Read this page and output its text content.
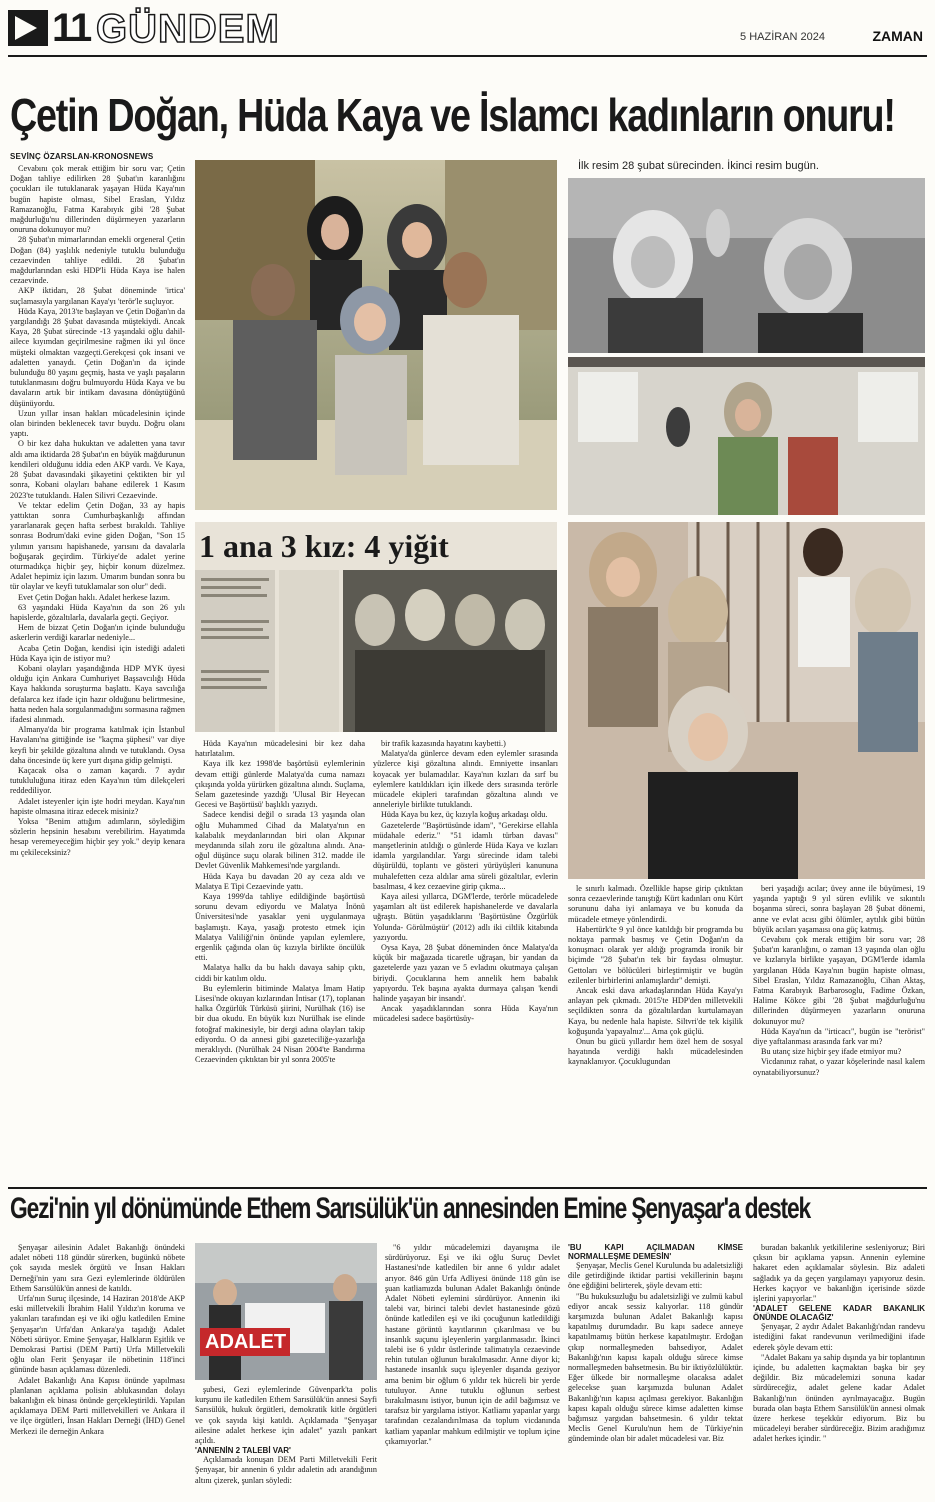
11 GÜNDEM	5 HAZİRAN 2024	ZAMAN
Çetin Doğan, Hüda Kaya ve İslamcı kadınların onuru!
SEVİNÇ ÖZARSLAN-KRONOSNEWS

Cevabını çok merak ettiğim bir soru var; Çetin Doğan tahliye edilirken 28 Şubat'ın karanlığını çocukları ile tutuklanarak yaşayan Hüda Kaya'nın bugün hapiste olması, Sibel Eraslan, Yıldız Ramazanoğlu, Fatma Karabıyık gibi '28 Şubat mağdurluğu'nu dillerinden düşürmeyen yazarların onuruna dokunuyor mu?

28 Şubat'ın mimarlarından emekli orgeneral Çetin Doğan (84) yaşlılık nedeniyle tutuklu bulunduğu cezaevinden tahliye edildi. 28 Şubat'ın mağdurlarından eski HDP'li Hüda Kaya ise halen cezaevinde.

AKP iktidarı, 28 Şubat döneminde 'irtica' suçlamasıyla yargılanan Kaya'yı 'terör'le suçluyor.

Hüda Kaya, 2013'te başlayan ve Çetin Doğan'ın da yargılandığı 28 Şubat davasında müştekiydi. Ancak Kaya, 28 Şubat sürecinde -13 yaşındaki oğlu dahil- ailece kıyımdan geçirilmesine rağmen iki yıl önce müşteki olmaktan vazgeçti.Gerekçesi çok insani ve adaletten yanaydı. Çetin Doğan'ın da içinde bulunduğu 80 yaşını geçmiş, hasta ve yaşlı paşaların tutuklanmasını doğru bulmuyordu Hüda Kaya ve bu davaların artık bir intikam davasına dönüştüğünü düşünüyordu.

Uzun yıllar insan hakları mücadelesinin içinde olan birinden beklenecek tavır buydu. Doğru olanı yaptı.

O bir kez daha hukuktan ve adaletten yana tavır aldı ama iktidarda 28 Şubat'ın en büyük mağdurunun kendileri olduğunu iddia eden AKP vardı. Ve Kaya, 28 Şubat davasındaki şikayetini çektikten bir yıl sonra, Kobani olayları bahane edilerek 1 Kasım 2023'te tutuklandı. Halen Silivri Cezaevinde.

Ve tektar edelim Çetin Doğan, 33 ay hapis yattıktan sonra Cumhurbaşkanlığı affından yararlanarak geçen hafta serbest bırakıldı. Tahliye sonrası Bodrum'daki evine giden Doğan, "Son 15 yılımın yarısını hapishanede, yarısını da davalarla boğuşarak geçirdim. Türkiye'de adalet yerine oturmadıkça hiçbir şey, hiçbir konum düzelmez. Adalet hepimiz için lazım. Umarım bundan sonra bu tür olaylar ve keyfi tutuklamalar son olur" dedi.

Evet Çetin Doğan haklı. Adalet herkese lazım.

63 yaşındaki Hüda Kaya'nın da son 26 yılı hapislerde, gözaltılarla, davalarla geçti. Geçiyor.

Hem de bizzat Çetin Doğan'ın içinde bulunduğu askerlerin verdiği kararlar nedeniyle...

Acaba Çetin Doğan, kendisi için istediği adaleti Hüda Kaya için de istiyor mu?

Kobani olayları yaşandığında HDP MYK üyesi olduğu için Ankara Cumhuriyet Başsavcılığı Hüda Kaya hakkında soruşturma başlattı. Kaya savcılığa defalarca kez ifade için hazır olduğunu belirtmesine, hatta neden hala sorgulanmadığını sormasına rağmen ifadesi alınmadı.

Almanya'da bir programa katılmak için İstanbul Havalanı'na gittiğinde ise "kaçma şüphesi" var diye keyfi bir şekilde gözaltına alındı ve tutuklandı. Oysa daha öncesinde üç kere yurt dışına gidip gelmişti.

Kaçacak olsa o zaman kaçardı. 7 aydır tutukluluğuna itiraz eden Kaya'nın tüm dilekçeleri reddediliyor.

Adalet isteyenler için işte hodri meydan. Kaya'nın hapiste olmasına itiraz edecek misiniz?

Yoksa "Benim attığım adımların, söylediğim sözlerin hepsinin hesabını verebilirim. Hayatımda hesap veremeyeceğim hiçbir şey yok." deyip kenara mı çekileceksiniz?

İlk resim 28 şubat sürecinden. İkinci resim bugün.
1 ana 3 kız: 4 yiğit

Hüda Kaya'nın mücadelesini bir kez daha hatırlatalım.

Kaya ilk kez 1998'de başörtüsü eylemlerinin devam ettiği günlerde Malatya'da cuma namazı çıkışında yolda yürürken gözaltına alındı. Suçlama, Selam gazetesinde yazdığı 'Ulusal Bir Heyecan Gecesi ve Başörtüsü' başlıklı yazıydı.

Sadece kendisi değil o sırada 13 yaşında olan oğlu Muhammed Cihad da Malatya'nın en kalabalık meydanlarından biri olan Akpınar meydanında silah zoru ile gözaltına alındı. Ana-oğul düşünce suçu olarak bilinen 312. madde ile Devlet Güvenlik Mahkemesi'nde yargılandı.

Hüda Kaya bu davadan 20 ay ceza aldı ve Malatya E Tipi Cezaevinde yattı.

Kaya 1999'da tahliye edildiğinde başörtüsü sorunu devam ediyordu ve Malatya İnönü Üniversitesi'nde yasaklar yeni uygulanmaya başlamıştı. Kaya, yasağı protesto etmek için Malatya Valiliği'nin önünde yapılan eylemlere, ergenlik çağında olan üç kızıyla birlikte öncülük etti.

Malatya halkı da bu haklı davaya sahip çıktı, ciddi bir katılım oldu.

Bu eylemlerin bitiminde Malatya İmam Hatip Lisesi'nde okuyan kızlarından İntisar (17), toplanan halka Özgürlük Türküsü şiirini, Nurülhak (16) ise bir dua okudu. En büyük kızı Nurülhak ise elinde fotoğraf makinesiyle, bir dergi adına olayları takip ediyordu. O da annesi gibi gazeteciliğe-yazarlığa meraklıydı. (Nurülhak 24 Nisan 2004'te Bandırma Cezaevinden çıktıktan bir yıl sonra 2005'te

bir trafik kazasında hayatını kaybetti.)

Malatya'da günlerce devam eden eylemler sırasında yüzlerce kişi gözaltına alındı. Emniyette insanları koyacak yer bulamadılar. Kaya'nın kızları da sırf bu eylemlere katıldıkları için ilkede ders sırasında terörle mücadele ekipleri tarafından gözaltına alındı ve anneleriyle birlikte tutuklandı.

Hüda Kaya bu kez, üç kızıyla koğuş arkadaşı oldu.

Gazetelerde "Başörtüsünde idam", "Gerekirse ellahla müdahale ederiz." "51 idamlı türban davası" manşetlerinin atıldığı o günlerde Hüda Kaya ve kızları idamla yargılandılar. Yargı sürecinde idam talebi düşürüldü, toplantı ve gösteri yürüyüşleri kanununa muhalefetten ceza aldılar ama süreli gözaltılar, evlerin basılması, 4 kez cezaevine girip çıkma...

Kaya ailesi yıllarca, DGM'lerde, terörle mücadelede yaşamları alt üst edilerek hapishanelerde ve davalarla uğraştı. Bütün yaşadıklarını 'Başörtüsüne Özgürlük Yolunda- Görülmüştür' (2012) adlı iki ciltlik kitabında yazıyordu.

Oysa Kaya, 28 Şubat döneminden önce Malatya'da küçük bir mağazada ticaretle uğraşan, bir yandan da gazetelerde yazı yazan ve 5 evladını okutmaya çalışan biriydi. Çocuklarına hem annelik hem babalık yapıyordu. Tek başına ayakta durmaya çalışan 'kendi halinde yaşayan bir insandı'.

Ancak yaşadıklarından sonra Hüda Kaya'nın mücadelesi sadece başörtüsüy-

le sınırlı kalmadı. Özellikle hapse girip çıktıktan sonra cezaevlerinde tanıştığı Kürt kadınları onu Kürt sorununu daha iyi anlamaya ve bu konuda da mücadele etmeye yönlendirdi.

Habertürk'te 9 yıl önce katıldığı bir programda bu noktaya parmak basmış ve Çetin Doğan'ın da konuşmacı olarak yer aldığı programda ironik bir biçimde "28 Şubat'ın tek bir faydası olmuştur. Gettoları ve bölücüleri birleştirmiştir ve bugün ezilenler birbirlerini anlamışlardır" demişti.

Ancak eski dava arkadaşlarından Hüda Kaya'yı anlayan pek çıkmadı. 2015'te HDP'den milletvekili seçildikten sonra da gözaltılardan kurtulamayan Kaya, bu nedenle hala hapiste. Siltvri'de tek kişilik koğuşunda 'yapayalnız'... Ama çok güçlü.

Onun bu gücü yıllardır hem özel hem de sosyal hayatında verdiği haklı mücadelesinden kaynaklanıyor. Çocuklugundan

beri yaşadığı acılar; üvey anne ile büyümesi, 19 yaşında yaptığı 9 yıl süren evlilik ve sıkıntılı boşanma süreci, sonra başlayan 28 Şubat dönemi, anne ve evlat acısı gibi ölümler, aytılık gibi bütün büyük acıları yaşamaısı ona güç katmış.

Cevabını çok merak ettiğim bir soru var; 28 Şubat'ın karanlığını, o zaman 13 yaşında olan oğlu ve kızlarıyla birlikte yaşayan, DGM'lerde idamla yargılanan Hüda Kaya'nın bugün hapiste olması, Sibel Eraslan, Yıldız Ramazanoğlu, Cihan Aktaş, Fatma Karabıyık Barbarosoglu, Fadime Özkan, Halime Kökce gibi '28 Şubat mağdurluğu'nu dillerinden düşürmeyen yazarların onuruna dokunuyor mu?

Hüda Kaya'nın da "irticacı", bugün ise "terörist" diye yaftalanması arasında fark var mı?

Bu utanç size hiçbir şey ifade etmiyor mu?

Vicdanınız rahat, o yazar köşelerinde nasıl kalem oynatabiliyorsunuz?

Gezi'nin yıl dönümünde Ethem Sarısülük'ün annesinden Emine Şenyaşar'a destek

Şenyaşar ailesinin Adalet Bakanlığı önündeki adalet nöbeti 118 gündür sürerken, bugünkü nöbete çok sayıda meslek örgütü ve İnsan Hakları Derneği'nin yanı sıra Gezi eylemlerinde öldürülen Ethem Sarısülük'ün annesi de katıldı.

Urfa'nın Suruç ilçesinde, 14 Haziran 2018'de AKP eski milletvekili İbrahim Halil Yıldız'ın koruma ve yakınları tarafından eşi ve iki oğlu katledilen Emine Şenyaşar'ın Urfa'dan Ankara'ya taşıdığı Adalet Nöbeti sürüyor. Emine Şenyaşar, Halkların Eşitlik ve Demokrasi Partisi (DEM Parti) Urfa Milletvekili oğlu olan Ferit Şenyaşar ile nöbetinin 118'inci gününde basın açıklaması düzenledi.

Adalet Bakanlığı Ana Kapısı önünde yapılması planlanan açıklama polisin ablukasından dolayı bakanlığın ek binası önünde gerçekleştirildi. Yapılan açıklamaya DEM Parti milletvekilleri ve Ankara il ve ilçe örgütleri, İnsan Hakları Derneği (İHD) Genel Merkezi ile derneğin Ankara

ADALET

şubesi, Gezi eylemlerinde Güvenpark'ta polis kurşunu ile katledilen Ethem Sarısülük'ün annesi Sayfi Sarısülük, hukuk örgütleri, demokratik kitle örgütleri ve çok sayıda kişi katıldı. Açıklamada "Şenyaşar ailesine adalet herkese için adalet" yazılı pankart açıldı.

'ANNENİN 2 TALEBİ VAR'

Açıklamada konuşan DEM Parti Milletvekili Ferit Şenyaşar, bir annenin 6 yıldır adaletin adı arandığının altını çizerek, şunları söyledi:

"6 yıldır mücadelemizi dayanışma ile sürdürüyoruz. Eşi ve iki oğlu Suruç Devlet Hastanesi'nde katledilen bir anne 6 yıldır adalet arıyor. 846 gün Urfa Adliyesi önünde 118 gün ise şuan katliamızda bulunan Adalet Bakanlığı önünde Adalet Nöbeti eylemini sürdürüyor. Annenin iki talebi var, birinci talebi devlet hastanesinde gözü önünde katledilen eşi ve iki çocuğunun katledildiği hastane görüntü kayıtlarının çıkarılması ve bu insanlık suçunu işleyenlerin yargılanmasıdır. İkinci talebi ise 6 yıldır üstlerinde talimatıyla cezaevinde rehin tutulan oğlunun bırakılmasıdır. Anne diyor ki; hastanede insanlık suçu işleyenler dışarıda geziyor ama benim bir oğlum 6 yıldır tek hücreli bir yerde tutuluyor. Anne tutuklu oğlunun serbest bırakılmasını istiyor, bunun için de adil bağımsız ve tarafsız bir yargılama istiyor. Katliamı yapanlar yargı tarafından cezalandırılmasa da toplum vicdanında katliam yapanlar mahkum edilmiştir ve toplum içine çıkamıyorlar."

'BU KAPI AÇILMADAN KİMSE NORMALLEŞME DEMESİN'

Şenyaşar, Meclis Genel Kurulunda bu adaletsizliği dile getirdiğinde iktidar partisi vekillerinin başını öne eğdiğini belirterek, şöyle devam etti:

"Bu hukuksuzluğu bu adaletsizliği ve zulmü kabul ediyor ancak sessiz kalıyorlar. 118 gündür karşımızda bulunan Adalet Bakanlığı kapısı kapatılmış durumdadır. Bu kapı sadece anneye kapatılmamış bütün herkese kapatılmıştır. Erdoğan çıkıp normalleşmeden bahsediyor, Adalet Bakanlığı'nın kapısı kapalı olduğu sürece kimse normalleşmeden bahsetmesin. Bu bir iktiyözlülüktür. Eğer ülkede bir normalleşme olacaksa adalet gelecekse şuan karşımızda bulunan Adalet Bakanlığı'nın kapısı açılması gerekiyor. Bakanlığın kapısı kapalı olduğu sürece kimse adaletten kimse bağımsız yargıdan bahsetmesin. 6 yıldır tektat Meclis Genel Kurulu'nun hem de Türkiye'nin gündeminde olan bir adalet mücadelesi var. Biz

buradan bakanlık yetkililerine sesleniyoruz; Biri çıksın bir açıklama yapsın. Annenin eylemine hakaret eden açıklamalar söylesin. Biz adaleti sağladık ya da geçen yargılamayı yapıyoruz desin. Herkes kaçıyor ve bakanlığın içerisinde sözde işlerini yapıyorlar."

'ADALET GELENE KADAR BAKANLIK ÖNÜNDE OLACAĞIZ'

Şenyaşar, 2 aydır Adalet Bakanlığı'ndan randevu istediğini fakat randevunun verilmediğini ifade ederek şöyle devam etti:

"Adalet Bakanı ya sahip dışında ya bir toplantının içinde, bu adaletten kaçmaktan başka bir şey değildir. Biz mücadelemizi sonuna kadar sürdüreceğiz, adalet gelene kadar Adalet Bakanlığı'nın önünden ayrılmayacağız. Bugün burada olan başta Ethem Sarısülük'ün annesi olmak üzere herkese teşekkür ediyorum. Biz bu mücadeleyi beraber sürdüreceğiz. Bizim aradığımız adalet herkes içindir. "
